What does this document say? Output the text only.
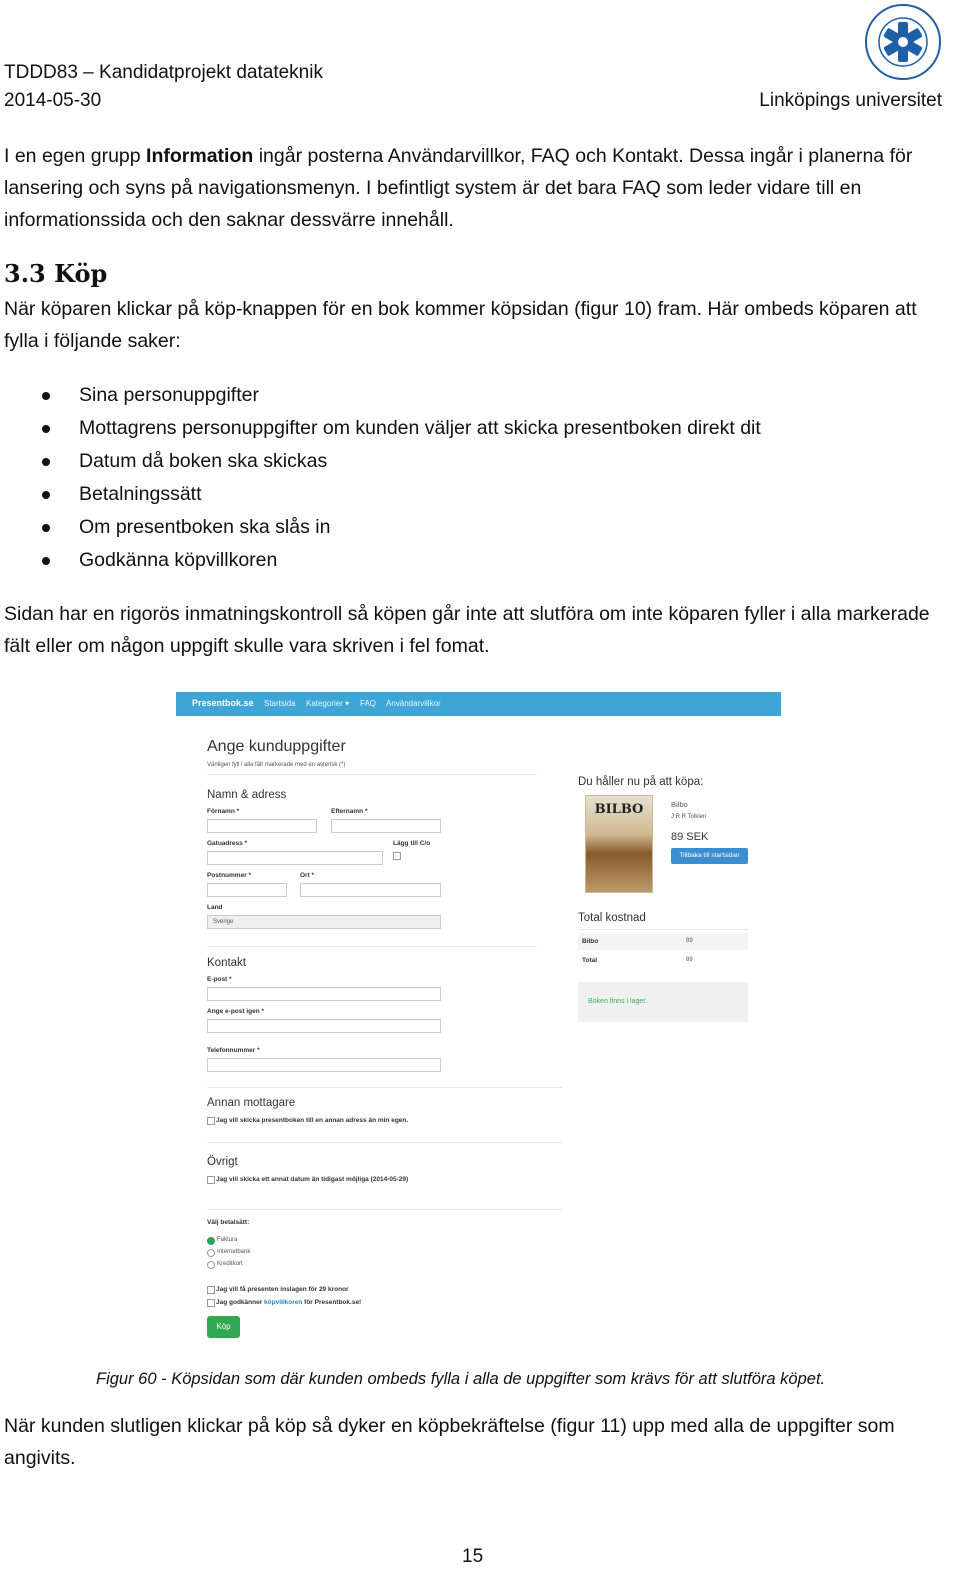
TDDD83 – Kandidatprojekt datateknik
2014-05-30	Linköpings universitet
I en egen grupp Information ingår posterna Användarvillkor, FAQ och Kontakt. Dessa ingår i planerna för lansering och syns på navigationsmenyn. I befintligt system är det bara FAQ som leder vidare till en informationssida och den saknar dessvärre innehåll.
3.3 Köp
När köparen klickar på köp-knappen för en bok kommer köpsidan (figur 10) fram. Här ombeds köparen att fylla i följande saker:
Sina personuppgifter
Mottagrens personuppgifter om kunden väljer att skicka presentboken direkt dit
Datum då boken ska skickas
Betalningssätt
Om presentboken ska slås in
Godkänna köpvillkoren
Sidan har en rigorös inmatningskontroll så köpen går inte att slutföra om inte köparen fyller i alla markerade fält eller om någon uppgift skulle vara skriven i fel fomat.
Presentbok.se Startsida Kategorier ▾ FAQ Användarvillkor
Ange kunduppgifter
Vänligen fyll i alla fält markerade med en asterisk (*)
Namn & adress
Förnamn *	Efternamn *
Gatuadress *	Lägg till C/o
Postnummer *	Ort *
Land
Sverige
Kontakt
E-post *
Ange e-post igen *
Telefonnummer *
Annan mottagare
Jag vill skicka presentboken till en annan adress än min egen.
Övrigt
Jag vill skicka ett annat datum än tidigast möjliga (2014-05-29)
Välj betalsätt:
Faktura
Internetbank
Kreditkort
Jag vill få presenten inslagen för 29 kronor
Jag godkänner köpvillkoren för Presentbok.se!
Köp
Du håller nu på att köpa:
BILBO	Bilbo
J R R Tolkien
89 SEK
Tillbaka till startsidan
Total kostnad
Bilbo	89
Total	89
Boken finns i lager.
Figur 60 - Köpsidan som där kunden ombeds fylla i alla de uppgifter som krävs för att slutföra köpet.
När kunden slutligen klickar på köp så dyker en köpbekräftelse (figur 11) upp med alla de uppgifter som angivits.
15
